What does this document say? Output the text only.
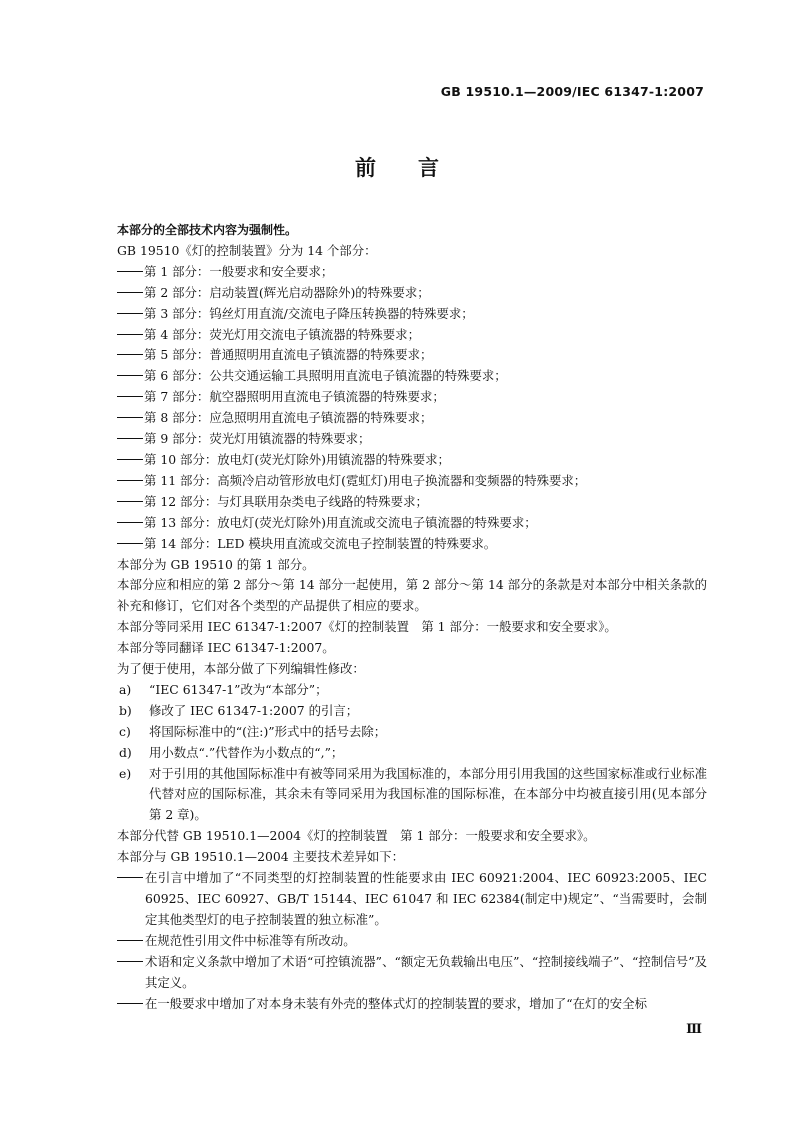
GB 19510.1—2009/IEC 61347-1:2007
前 言
本部分的全部技术内容为强制性。
GB 19510《灯的控制装置》分为 14 个部分：
第 1 部分：一般要求和安全要求；
第 2 部分：启动装置(辉光启动器除外)的特殊要求；
第 3 部分：钨丝灯用直流/交流电子降压转换器的特殊要求；
第 4 部分：荧光灯用交流电子镇流器的特殊要求；
第 5 部分：普通照明用直流电子镇流器的特殊要求；
第 6 部分：公共交通运输工具照明用直流电子镇流器的特殊要求；
第 7 部分：航空器照明用直流电子镇流器的特殊要求；
第 8 部分：应急照明用直流电子镇流器的特殊要求；
第 9 部分：荧光灯用镇流器的特殊要求；
第 10 部分：放电灯(荧光灯除外)用镇流器的特殊要求；
第 11 部分：高频冷启动管形放电灯(霓虹灯)用电子换流器和变频器的特殊要求；
第 12 部分：与灯具联用杂类电子线路的特殊要求；
第 13 部分：放电灯(荧光灯除外)用直流或交流电子镇流器的特殊要求；
第 14 部分：LED 模块用直流或交流电子控制装置的特殊要求。
本部分为 GB 19510 的第 1 部分。
本部分应和相应的第 2 部分～第 14 部分一起使用，第 2 部分～第 14 部分的条款是对本部分中相关条款的补充和修订，它们对各个类型的产品提供了相应的要求。
本部分等同采用 IEC 61347-1:2007《灯的控制装置　第 1 部分：一般要求和安全要求》。
本部分等同翻译 IEC 61347-1:2007。
为了便于使用，本部分做了下列编辑性修改：
a)	“IEC 61347-1”改为“本部分”；
b)	修改了 IEC 61347-1:2007 的引言；
c)	将国际标准中的“(注:)”形式中的括号去除；
d)	用小数点“.”代替作为小数点的“,”；
e)	对于引用的其他国际标准中有被等同采用为我国标准的，本部分用引用我国的这些国家标准或行业标准代替对应的国际标准，其余未有等同采用为我国标准的国际标准，在本部分中均被直接引用(见本部分第 2 章)。
本部分代替 GB 19510.1—2004《灯的控制装置　第 1 部分：一般要求和安全要求》。
本部分与 GB 19510.1—2004 主要技术差异如下：
在引言中增加了“不同类型的灯控制装置的性能要求由 IEC 60921:2004、IEC 60923:2005、IEC 60925、IEC 60927、GB/T 15144、IEC 61047 和 IEC 62384(制定中)规定”、“当需要时，会制定其他类型灯的电子控制装置的独立标准”。
在规范性引用文件中标准等有所改动。
术语和定义条款中增加了术语“可控镇流器”、“额定无负载输出电压”、“控制接线端子”、“控制信号”及其定义。
在一般要求中增加了对本身未装有外壳的整体式灯的控制装置的要求，增加了“在灯的安全标
Ⅲ
